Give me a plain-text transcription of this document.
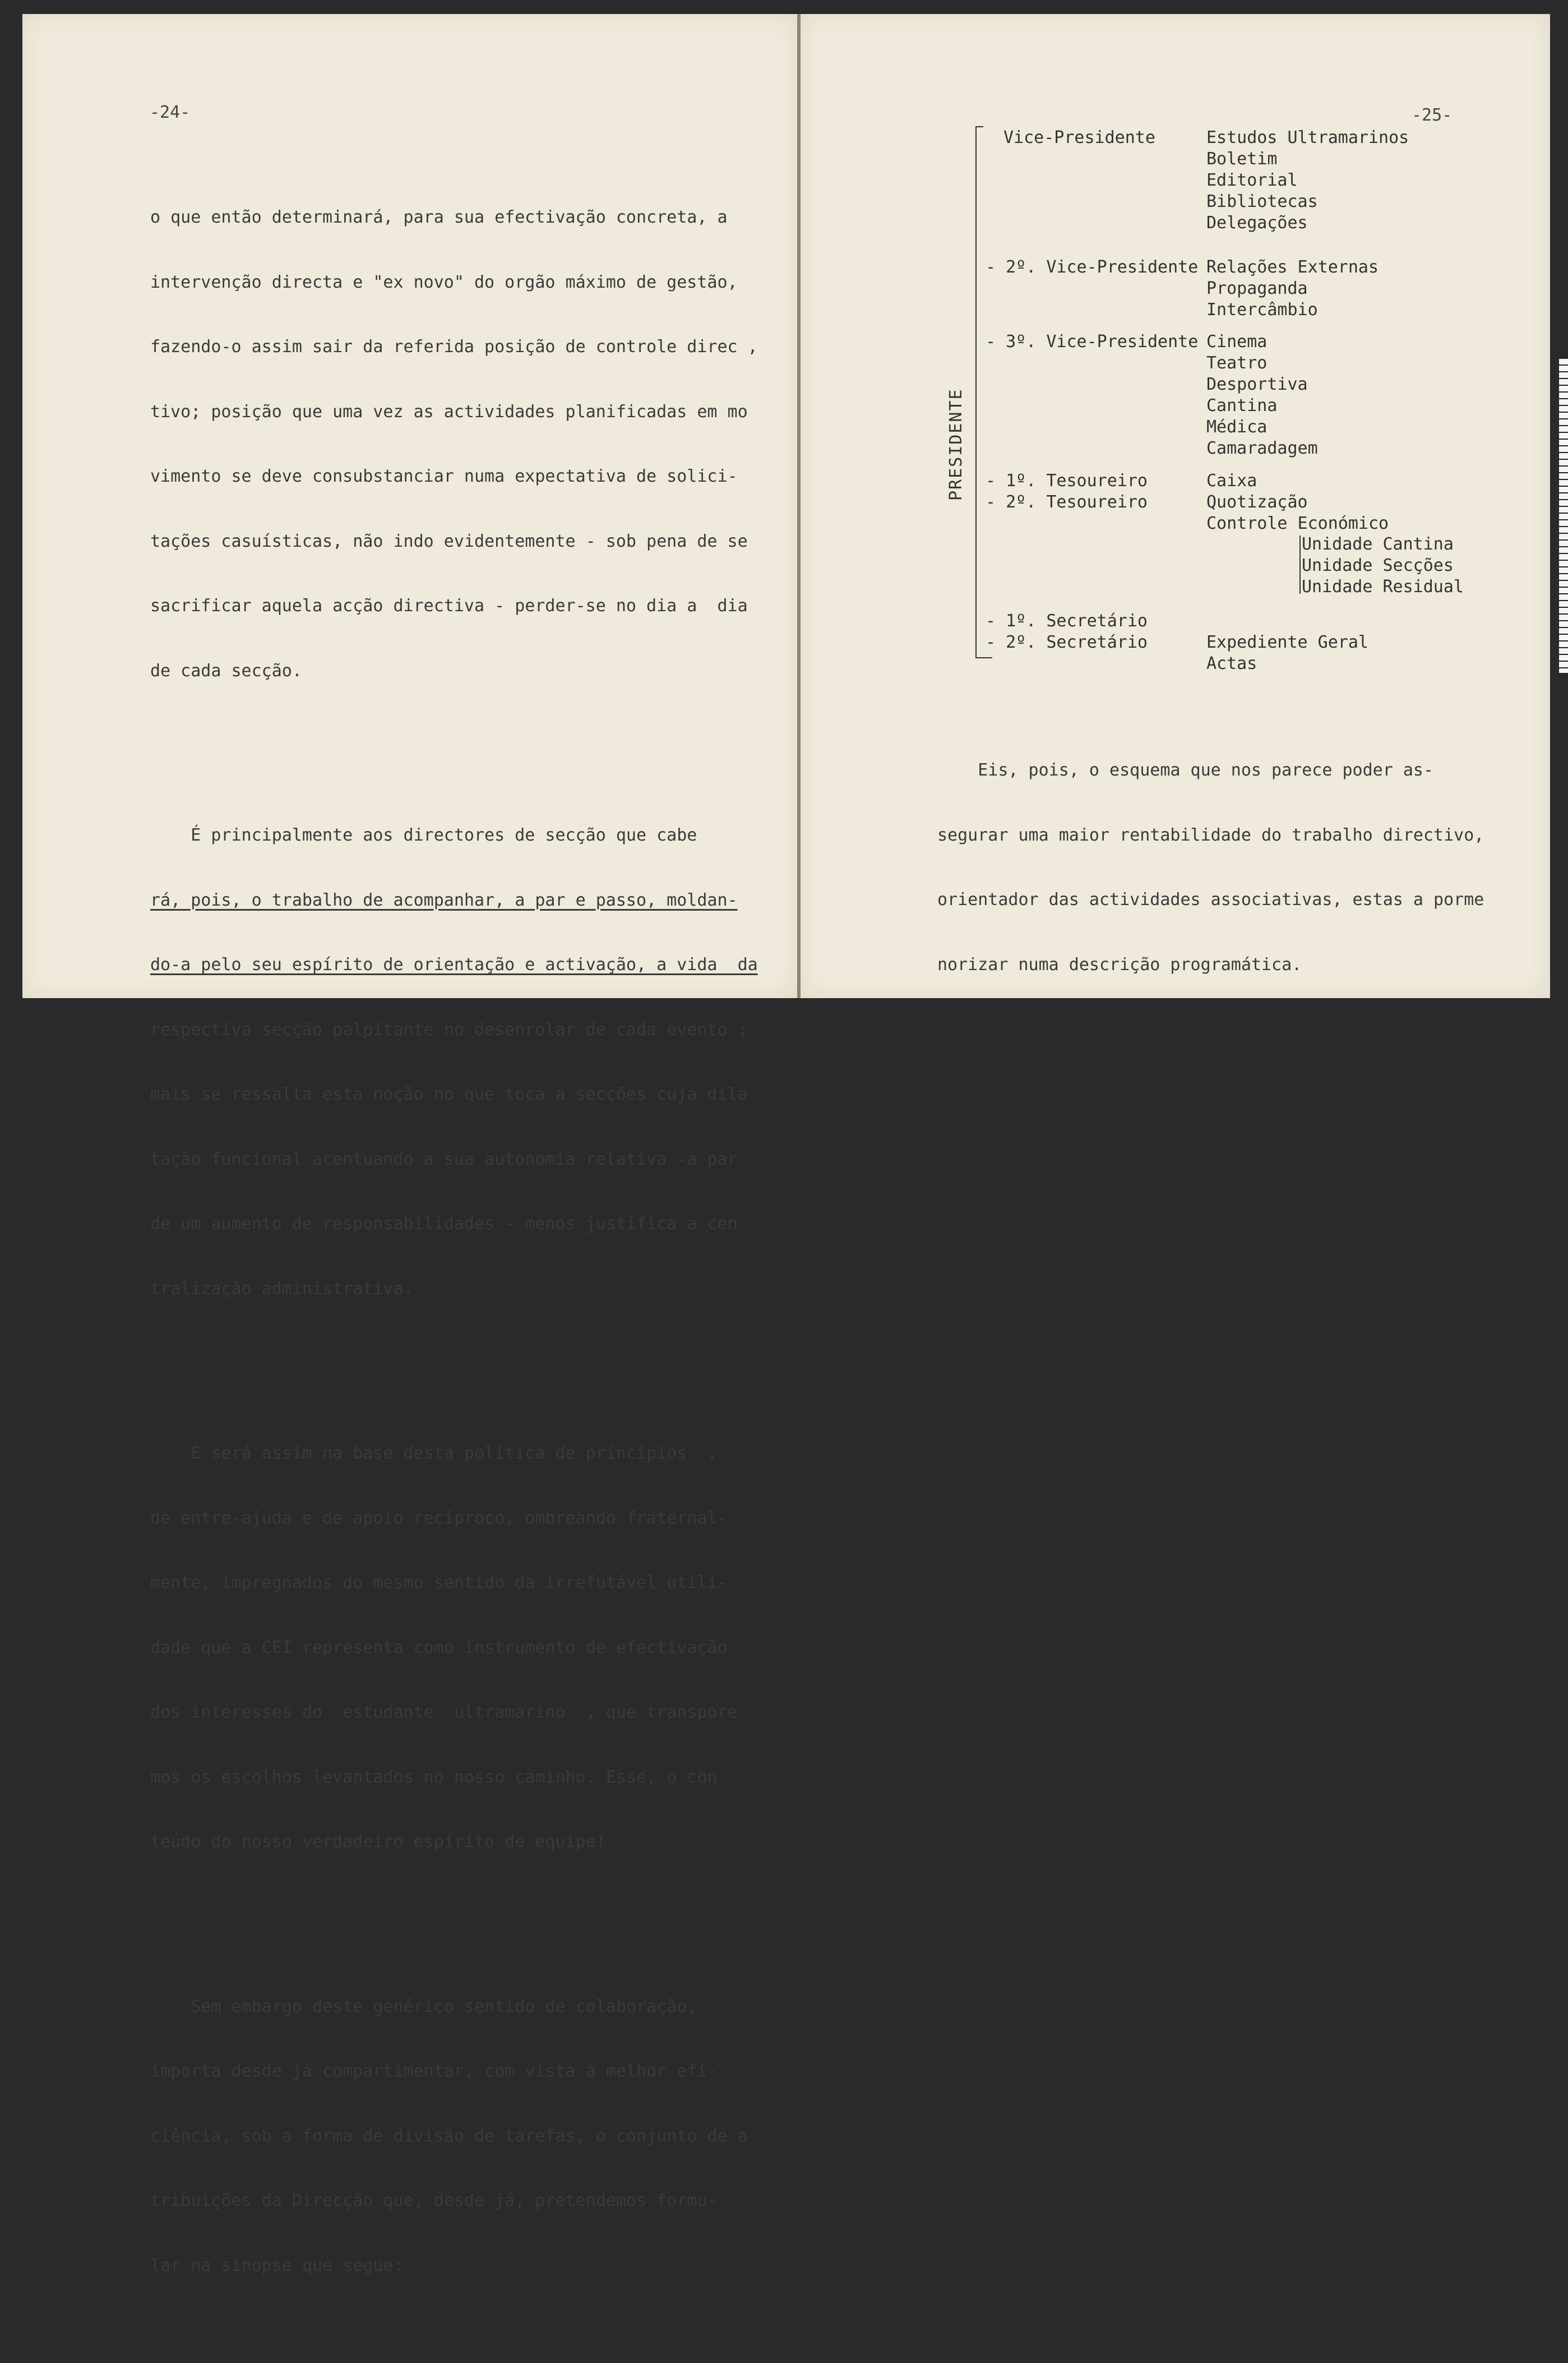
-24-

o que então determinará, para sua efectivação concreta, a

intervenção directa e "ex novo" do orgão máximo de gestão,

fazendo-o assim sair da referida posição de controle direc ,

tivo; posição que uma vez as actividades planificadas em mo

vimento se deve consubstanciar numa expectativa de solici-

tações casuísticas, não indo evidentemente - sob pena de se

sacrificar aquela acção directiva - perder-se no dia a  dia

de cada secção.

É principalmente aos directores de secção que cabe

rá, pois, o trabalho de acompanhar, a par e passo, moldan-

do-a pelo seu espírito de orientação e activação, a vida  da

respectiva secção palpitante no desenrolar de cada evento ;

mais se ressalta esta noção no que toca a secções cuja dila

tação funcional acentuando a sua autonomia relativa -a par

de um aumento de responsabilidades - menos justifica a cen

tralização administrativa.

É será assim na base desta política de princípios  ,

de entre-ajuda e de apoio recíproco, ombreando fraternal-

mente, impregnados do mesmo sentido da irrefutável utili-

dade que a CEI representa como instrumento de efectivação

dos interesses do  estudante  ultramarino  , que transpore

mos os escolhos levantados no nosso caminho. Esse, o con

teúdo do nosso verdadeiro espírito de equipe!

Sem embargo deste genérico sentido de colaboração,

importa desde já compartimentar, com vista à melhor efi-

ciência, sob a forma de divisão de tarefas, o conjunto de a

tribuições da Direcção que, desde já, pretendemos formu-

lar na sinopse que segue:

-25-
PRESIDENTE
Vice-Presidente
- 2º. Vice-Presidente
- 3º. Vice-Presidente
- 1º. Tesoureiro
- 2º. Tesoureiro
- 1º. Secretário
- 2º. Secretário
Estudos Ultramarinos
Boletim
Editorial
Bibliotecas
Delegações
Relações Externas
Propaganda
Intercâmbio
Cinema
Teatro
Desportiva
Cantina
Médica
Camaradagem
Caixa
Quotização
Controle Económico
Unidade Cantina
Unidade Secções
Unidade Residual
Expediente Geral
Actas

Eis, pois, o esquema que nos parece poder as-

segurar uma maior rentabilidade do trabalho directivo,

orientador das actividades associativas, estas a porme

norizar numa descrição programática.
